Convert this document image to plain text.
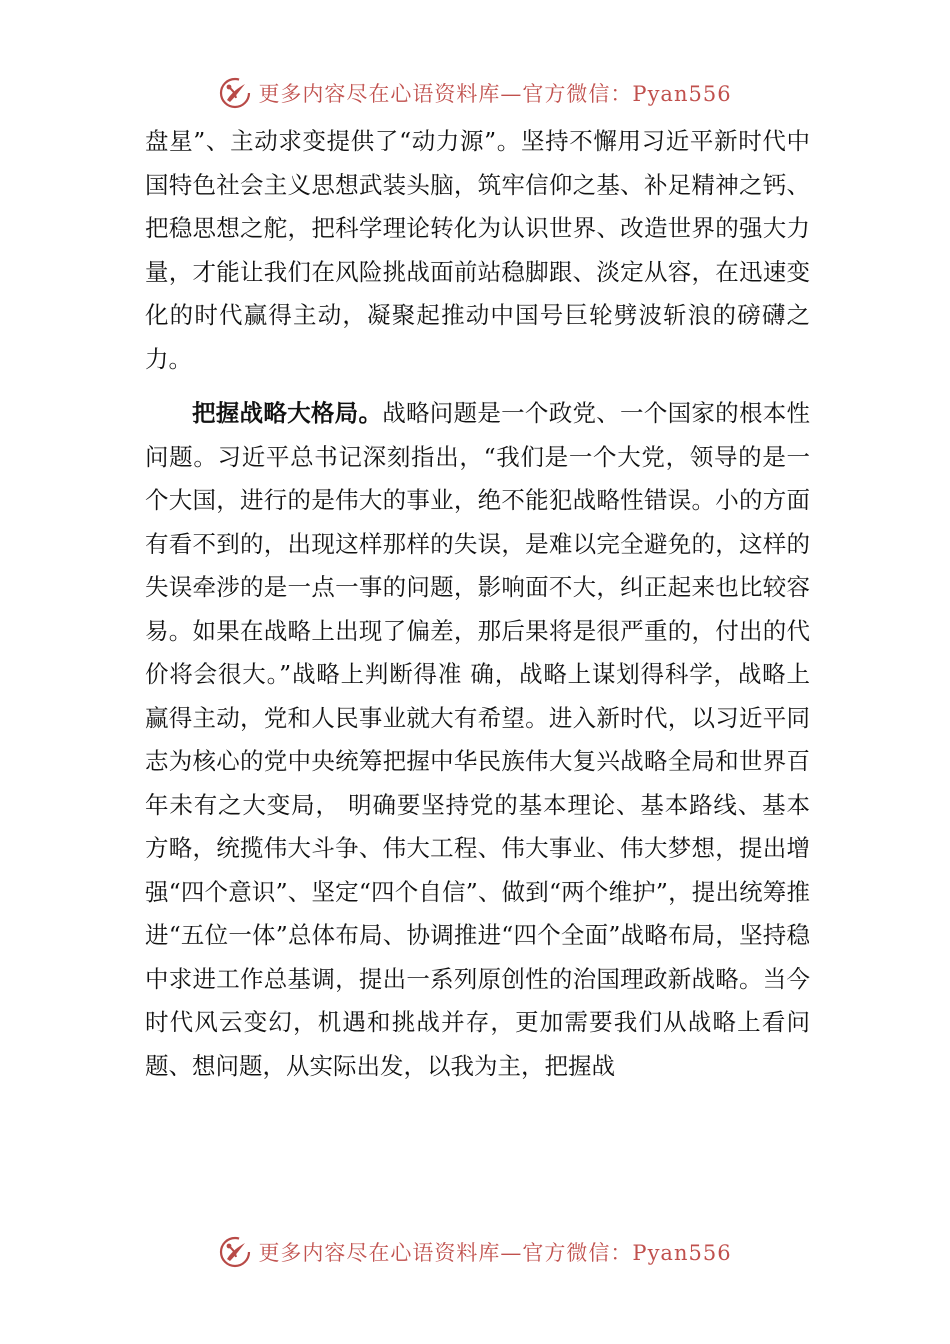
更多内容尽在心语资料库—官方微信：Pyan556

盘星”、主动求变提供了“动力源”。坚持不懈用习近平新时代中国特色社会主义思想武装头脑，筑牢信仰之基、补足精神之钙、把稳思想之舵，把科学理论转化为认识世界、改造世界的强大力量，才能让我们在风险挑战面前站稳脚跟、淡定从容，在迅速变化的时代赢得主动，凝聚起推动中国号巨轮劈波斩浪的磅礴之力。

把握战略大格局。战略问题是一个政党、一个国家的根本性问题。习近平总书记深刻指出，“我们是一个大党，领导的是一个大国，进行的是伟大的事业，绝不能犯战略性错误。小的方面有看不到的，出现这样那样的失误，是难以完全避免的，这样的失误牵涉的是一点一事的问题，影响面不大，纠正起来也比较容易。如果在战略上出现了偏差，那后果将是很严重的，付出的代价将会很大。”战略上判断得准 确，战略上谋划得科学，战略上赢得主动，党和人民事业就大有希望。进入新时代，以习近平同志为核心的党中央统筹把握中华民族伟大复兴战略全局和世界百年未有之大变局， 明确要坚持党的基本理论、基本路线、基本方略，统揽伟大斗争、伟大工程、伟大事业、伟大梦想，提出增强“四个意识”、坚定“四个自信”、做到“两个维护”，提出统筹推进“五位一体”总体布局、协调推进“四个全面”战略布局，坚持稳中求进工作总基调，提出一系列原创性的治国理政新战略。当今时代风云变幻，机遇和挑战并存，更加需要我们从战略上看问题、想问题，从实际出发，以我为主，把握战

更多内容尽在心语资料库—官方微信：Pyan556
